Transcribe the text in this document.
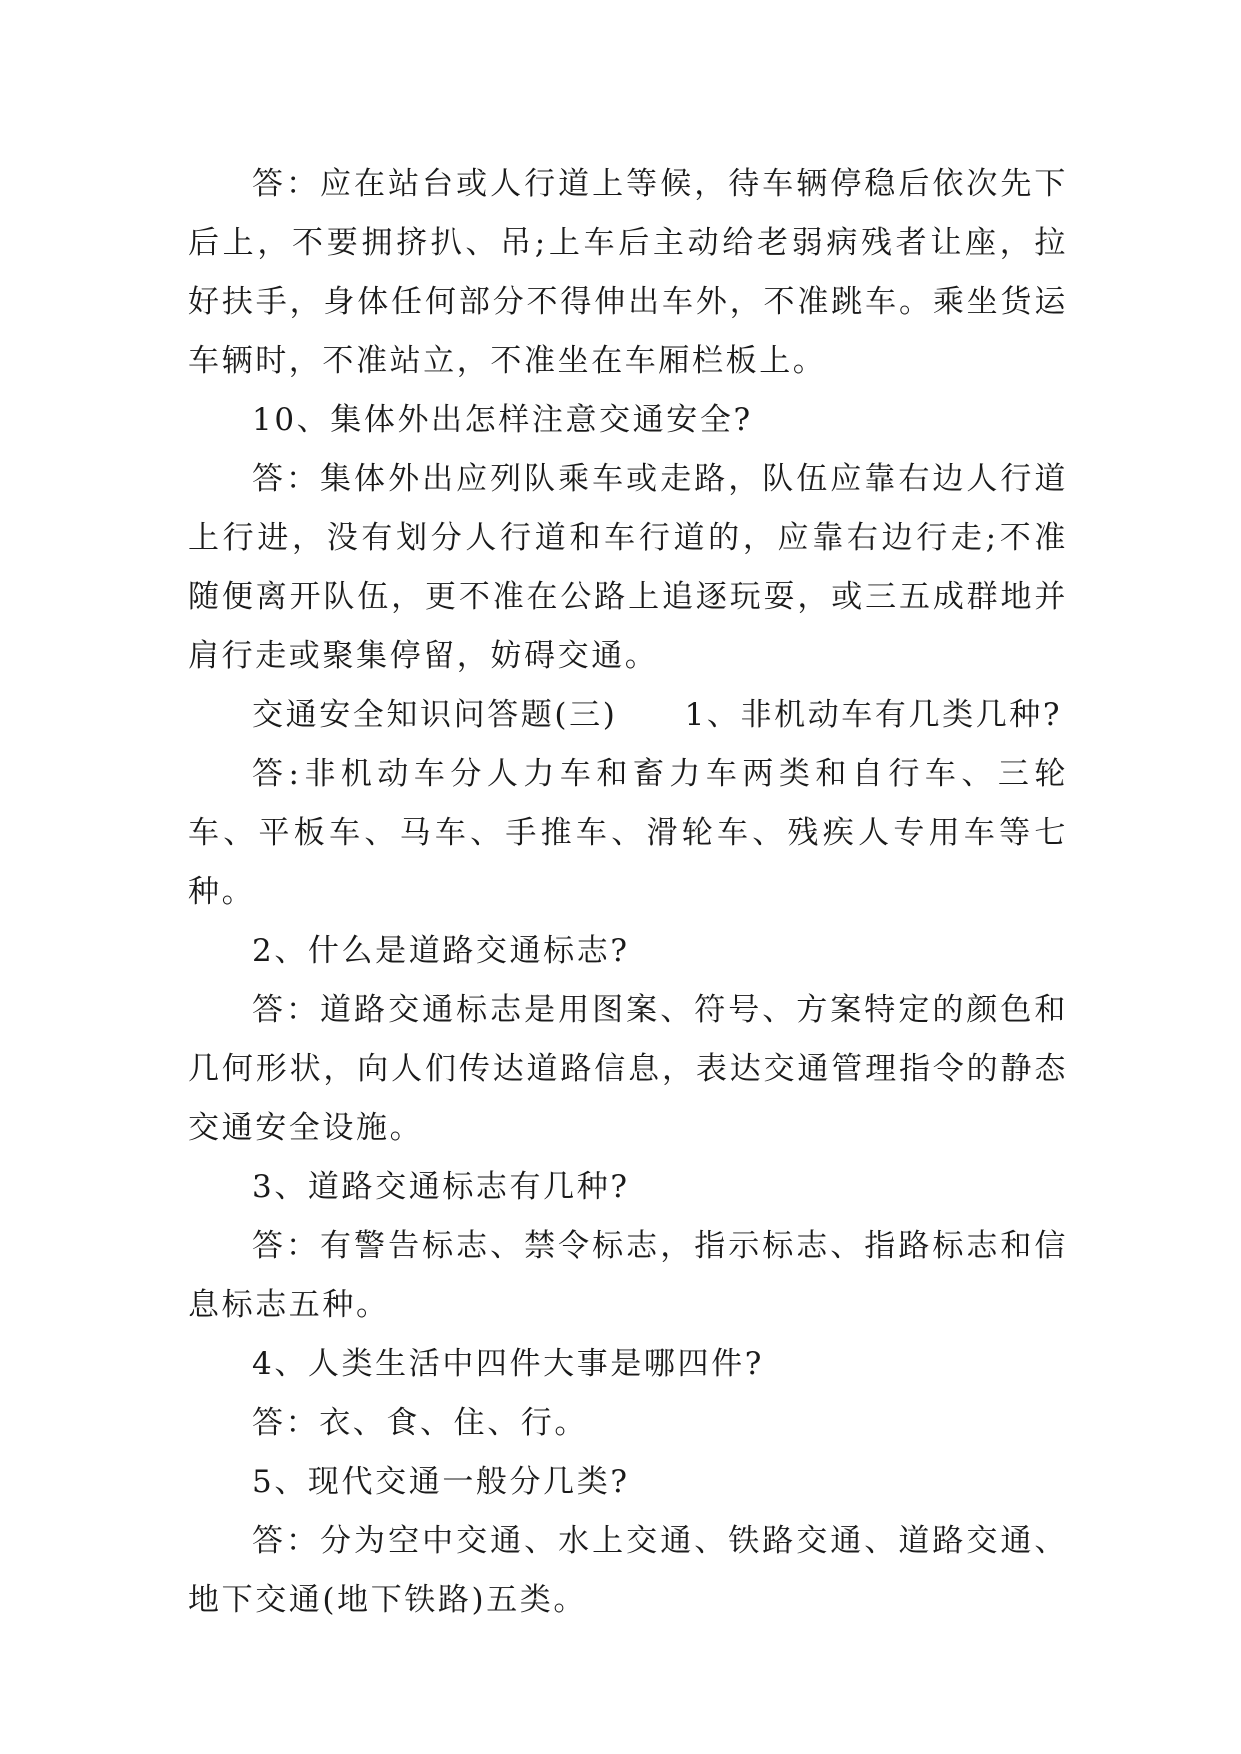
答：应在站台或人行道上等候，待车辆停稳后依次先下后上，不要拥挤扒、吊;上车后主动给老弱病残者让座，拉好扶手，身体任何部分不得伸出车外，不准跳车。乘坐货运车辆时，不准站立，不准坐在车厢栏板上。

10、集体外出怎样注意交通安全?

答：集体外出应列队乘车或走路，队伍应靠右边人行道上行进，没有划分人行道和车行道的，应靠右边行走;不准随便离开队伍，更不准在公路上追逐玩耍，或三五成群地并肩行走或聚集停留，妨碍交通。

交通安全知识问答题(三)　　1、非机动车有几类几种?

答:非机动车分人力车和畜力车两类和自行车、三轮车、平板车、马车、手推车、滑轮车、残疾人专用车等七种。

2、什么是道路交通标志?

答：道路交通标志是用图案、符号、方案特定的颜色和几何形状，向人们传达道路信息，表达交通管理指令的静态交通安全设施。

3、道路交通标志有几种?

答：有警告标志、禁令标志，指示标志、指路标志和信息标志五种。

4、人类生活中四件大事是哪四件?

答：衣、食、住、行。

5、现代交通一般分几类?

答：分为空中交通、水上交通、铁路交通、道路交通、地下交通(地下铁路)五类。
